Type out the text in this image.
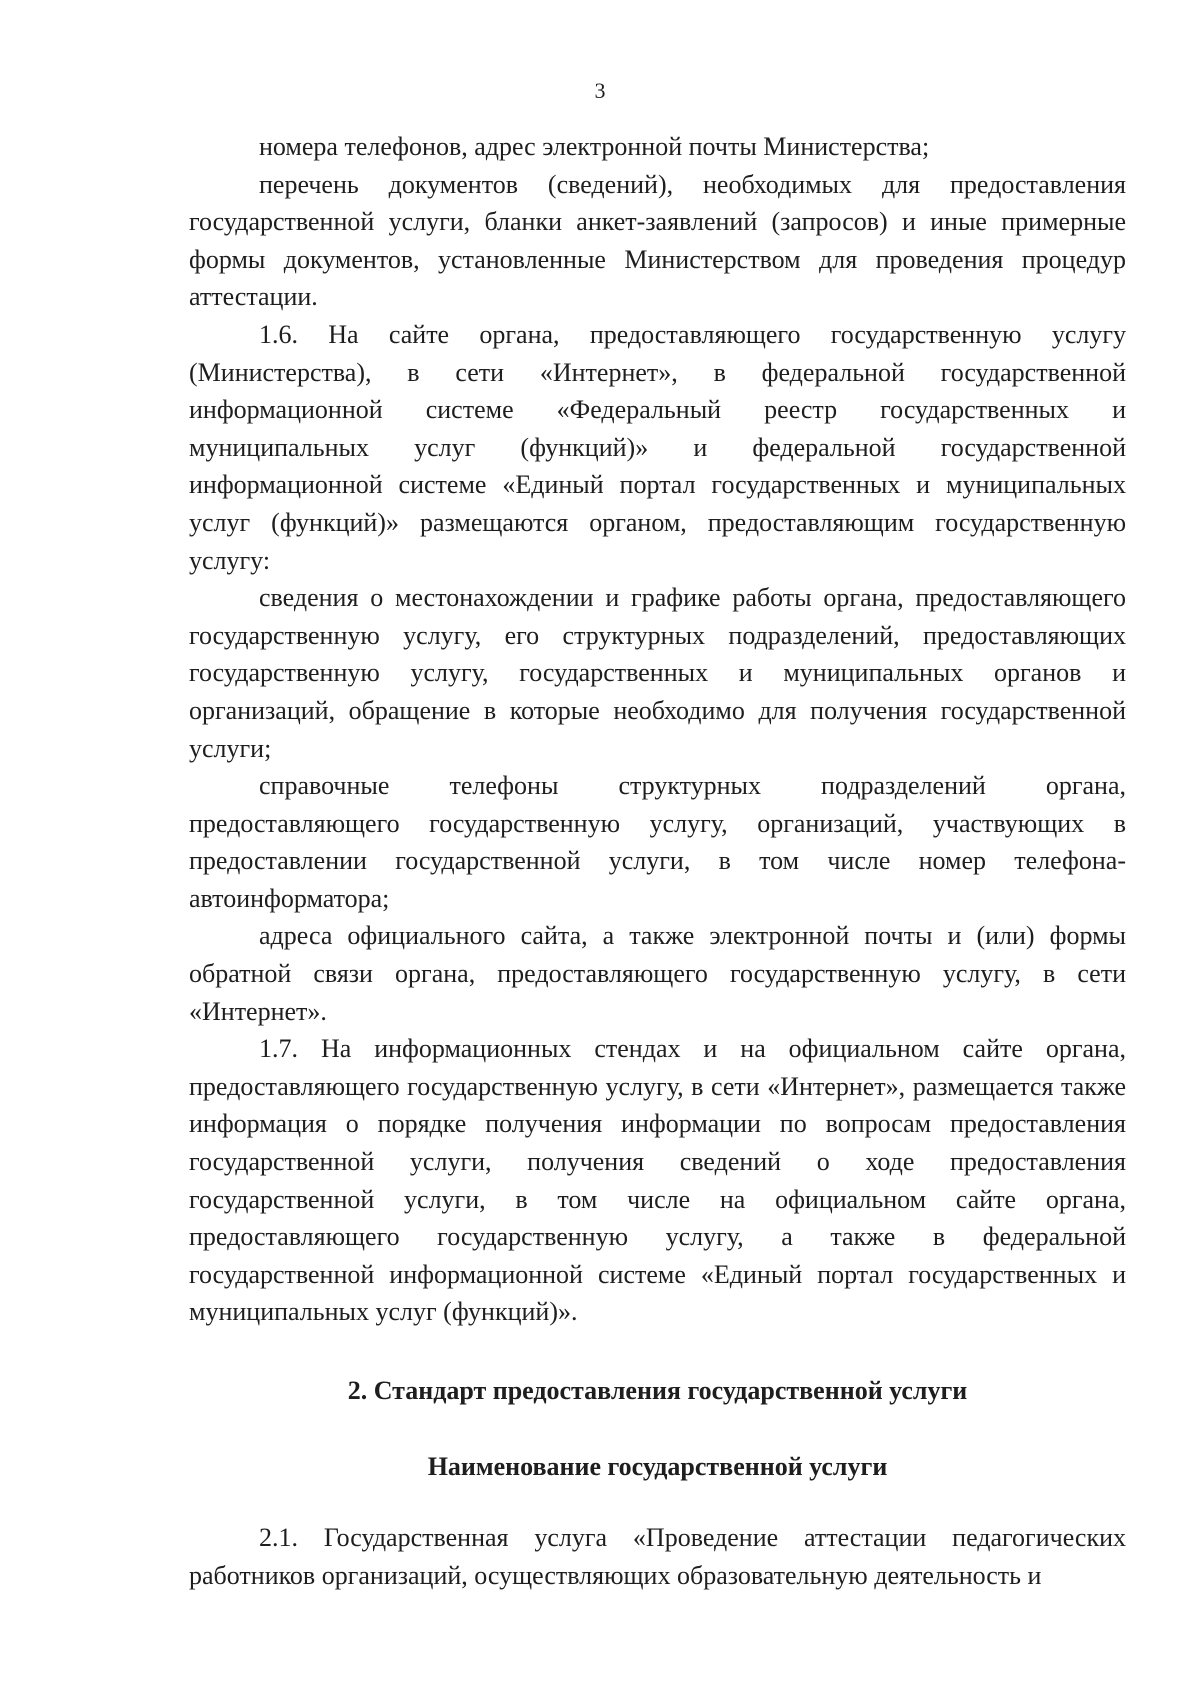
3

номера телефонов, адрес электронной почты Министерства;

перечень документов (сведений), необходимых для предоставления государственной услуги, бланки анкет-заявлений (запросов) и иные примерные формы документов, установленные Министерством для проведения процедур аттестации.

1.6. На сайте органа, предоставляющего государственную услугу (Министерства), в сети «Интернет», в федеральной государственной информационной системе «Федеральный реестр государственных и муниципальных услуг (функций)» и федеральной государственной информационной системе «Единый портал государственных и муниципальных услуг (функций)» размещаются органом, предоставляющим государственную услугу:

сведения о местонахождении и графике работы органа, предоставляющего государственную услугу, его структурных подразделений, предоставляющих государственную услугу, государственных и муниципальных органов и организаций, обращение в которые необходимо для получения государственной услуги;

справочные телефоны структурных подразделений органа, предоставляющего государственную услугу, организаций, участвующих в предоставлении государственной услуги, в том числе номер телефона-автоинформатора;

адреса официального сайта, а также электронной почты и (или) формы обратной связи органа, предоставляющего государственную услугу, в сети «Интернет».

1.7. На информационных стендах и на официальном сайте органа, предоставляющего государственную услугу, в сети «Интернет», размещается также информация о порядке получения информации по вопросам предоставления государственной услуги, получения сведений о ходе предоставления государственной услуги, в том числе на официальном сайте органа, предоставляющего государственную услугу, а также в федеральной государственной информационной системе «Единый портал государственных и муниципальных услуг (функций)».

2. Стандарт предоставления государственной услуги

Наименование государственной услуги

2.1. Государственная услуга «Проведение аттестации педагогических работников организаций, осуществляющих образовательную деятельность и
